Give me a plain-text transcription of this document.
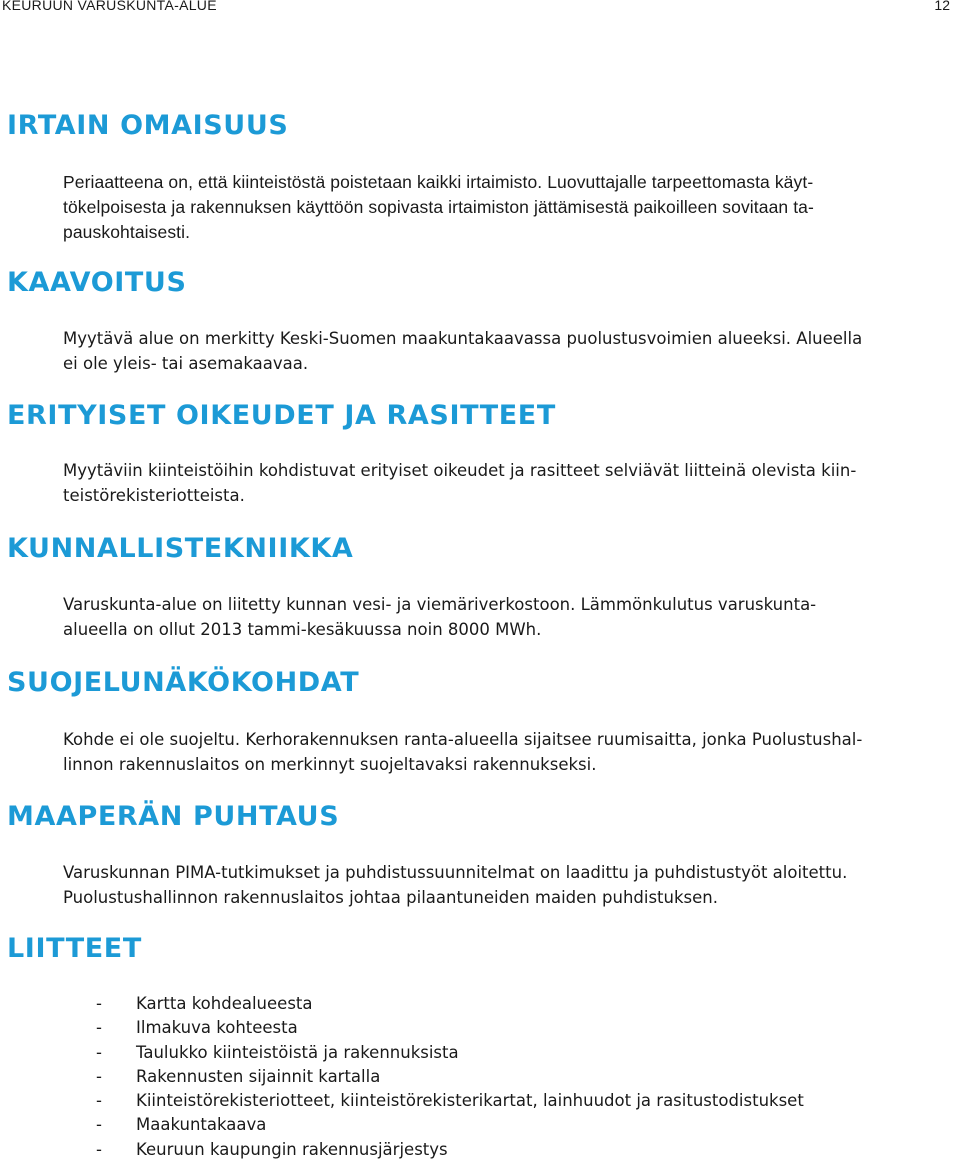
KEURUUN VARUSKUNTA-ALUE	12
IRTAIN OMAISUUS
Periaatteena on, että kiinteistöstä poistetaan kaikki irtaimisto. Luovuttajalle tarpeettomasta käyt-
tökelpoisesta ja rakennuksen käyttöön sopivasta irtaimiston jättämisestä paikoilleen sovitaan ta-
pauskohtaisesti.
KAAVOITUS
Myytävä alue on merkitty Keski-Suomen maakuntakaavassa puolustusvoimien alueeksi. Alueella
ei ole yleis- tai asemakaavaa.
ERITYISET OIKEUDET JA RASITTEET
Myytäviin kiinteistöihin kohdistuvat erityiset oikeudet ja rasitteet selviävät liitteinä olevista kiin-
teistörekisteriotteista.
KUNNALLISTEKNIIKKA
Varuskunta-alue on liitetty kunnan vesi- ja viemäriverkostoon. Lämmönkulutus varuskunta-
alueella on ollut 2013 tammi-kesäkuussa noin 8000 MWh.
SUOJELUNÄKÖKOHDAT
Kohde ei ole suojeltu. Kerhorakennuksen ranta-alueella sijaitsee ruumisaitta, jonka Puolustushal-
linnon rakennuslaitos on merkinnyt suojeltavaksi rakennukseksi.
MAAPERÄN PUHTAUS
Varuskunnan PIMA-tutkimukset ja puhdistussuunnitelmat on laadittu ja puhdistustyöt aloitettu.
Puolustushallinnon rakennuslaitos johtaa pilaantuneiden maiden puhdistuksen.
LIITTEET
- Kartta kohdealueesta
- Ilmakuva kohteesta
- Taulukko kiinteistöistä ja rakennuksista
- Rakennusten sijainnit kartalla
- Kiinteistörekisteriotteet, kiinteistörekisterikartat, lainhuudot ja rasitustodistukset
- Maakuntakaava
- Keuruun kaupungin rakennusjärjestys
